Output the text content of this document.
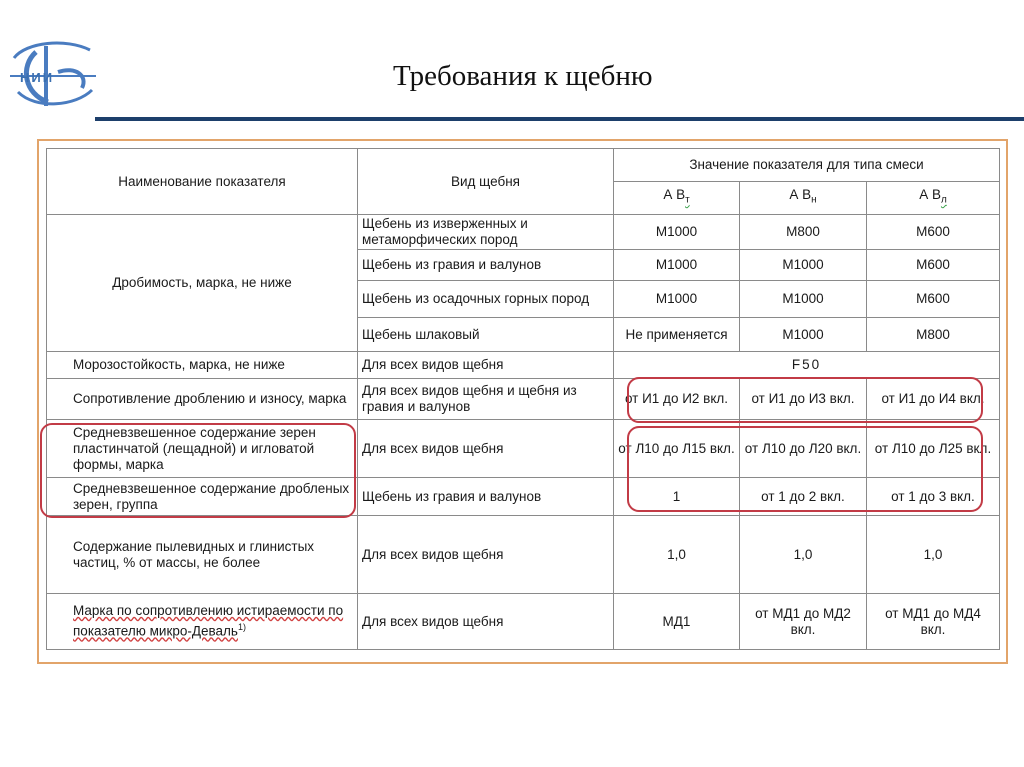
НИИ	Требования к щебню
Наименование показателя	Вид щебня	Значение показателя для типа смеси		
		А $В_т$	А $В_н$	А $В_л$
Дробимость, марка, не ниже	Щебень из изверженных и метаморфических пород	М1000	М800	М600
	Щебень из гравия и валунов	М1000	М1000	М600
	Щебень из осадочных горных пород	М1000	М1000	М600
	Щебень шлаковый	Не применяется	М1000	М800
Морозостойкость, марка, не ниже	Для всех видов щебня	F50		
Сопротивление дроблению и износу, марка	Для всех видов щебня и щебня из гравия и валунов	от И1 до И2 вкл.	от И1 до И3 вкл.	от И1 до И4 вкл.
Средневзвешенное содержание зерен пластинчатой (лещадной) и игловатой формы, марка	Для всех видов щебня	от Л10 до Л15 вкл.	от Л10 до Л20 вкл.	от Л10 до Л25 вкл.
Средневзвешенное содержание дробленых зерен, группа	Щебень из гравия и валунов	1	от 1 до 2 вкл.	от 1 до 3 вкл.
Содержание пылевидных и глинистых частиц, % от массы, не более	Для всех видов щебня	1,0	1,0	1,0
Марка по сопротивлению истираемости по показателю микро-Деваль$^{1)}$	Для всех видов щебня	МД1	от МД1 до МД2 вкл.	от МД1 до МД4 вкл.
